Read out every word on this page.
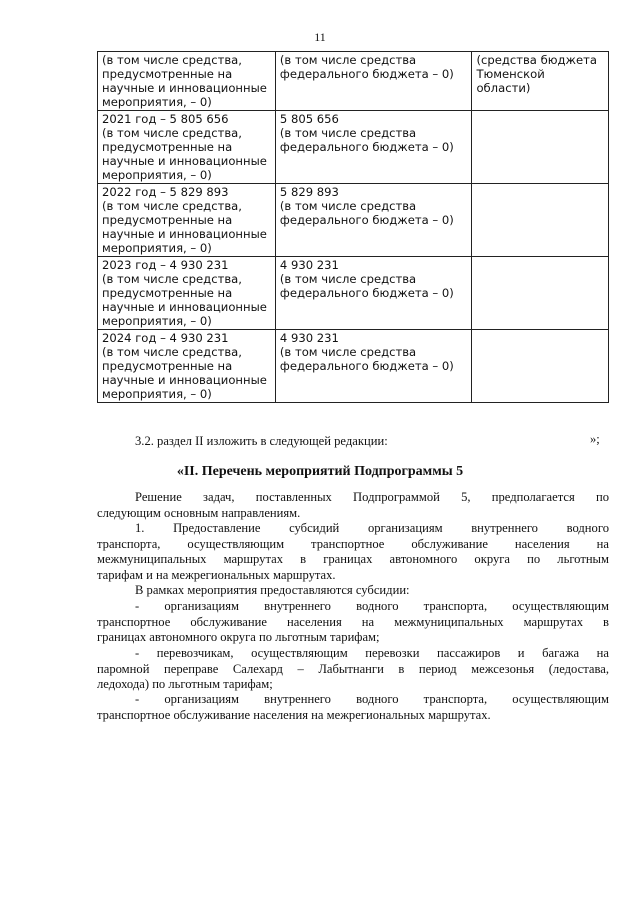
11
(в том числе средства,
предусмотренные на
научные и инновационные
мероприятия, – 0)	(в том числе средства
федерального бюджета – 0)	(средства бюджета
Тюменской
области)

2021 год – 5 805 656
(в том числе средства,
предусмотренные на
научные и инновационные
мероприятия, – 0)	5 805 656
(в том числе средства
федерального бюджета – 0)	

2022 год – 5 829 893
(в том числе средства,
предусмотренные на
научные и инновационные
мероприятия, – 0)	5 829 893
(в том числе средства
федерального бюджета – 0)	

2023 год – 4 930 231
(в том числе средства,
предусмотренные на
научные и инновационные
мероприятия, – 0)	4 930 231
(в том числе средства
федерального бюджета – 0)	

2024 год – 4 930 231
(в том числе средства,
предусмотренные на
научные и инновационные
мероприятия, – 0)	4 930 231
(в том числе средства
федерального бюджета – 0)	

»;
3.2. раздел II изложить в следующей редакции:
«II. Перечень мероприятий Подпрограммы 5
Решение задач, поставленных Подпрограммой 5, предполагается по
следующим основным направлениям.
1. Предоставление субсидий организациям внутреннего водного
транспорта, осуществляющим транспортное обслуживание населения на
межмуниципальных маршрутах в границах автономного округа по льготным
тарифам и на межрегиональных маршрутах.
В рамках мероприятия предоставляются субсидии:
- организациям внутреннего водного транспорта, осуществляющим
транспортное обслуживание населения на межмуниципальных маршрутах в
границах автономного округа по льготным тарифам;
- перевозчикам, осуществляющим перевозки пассажиров и багажа на
паромной переправе Салехард – Лабытнанги в период межсезонья (ледостава,
ледохода) по льготным тарифам;
- организациям внутреннего водного транспорта, осуществляющим
транспортное обслуживание населения на межрегиональных маршрутах.
